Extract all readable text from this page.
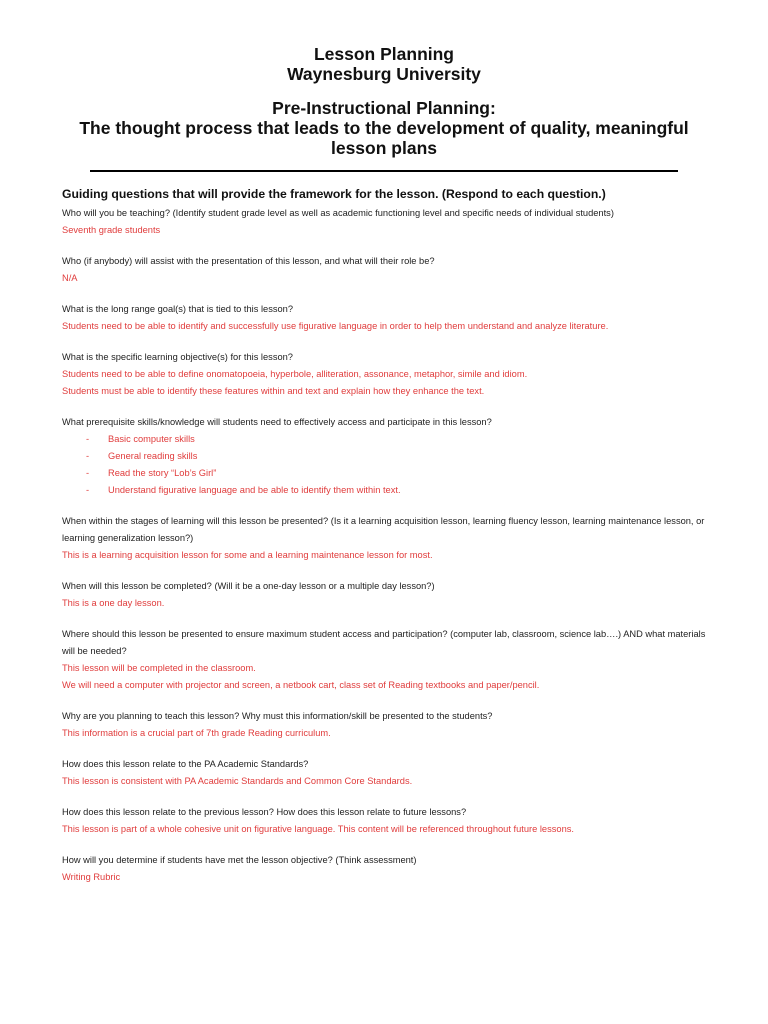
Lesson Planning
Waynesburg University
Pre-Instructional Planning:
The thought process that leads to the development of quality, meaningful
lesson plans
Guiding questions that will provide the framework for the lesson. (Respond to each question.)
Who will you be teaching? (Identify student grade level as well as academic functioning level and specific needs of individual students)
Seventh grade students
Who (if anybody) will assist with the presentation of this lesson, and what will their role be?
N/A
What is the long range goal(s) that is tied to this lesson?
Students need to be able to identify and successfully use figurative language in order to help them understand and analyze literature.
What is the specific learning objective(s) for this lesson?
Students need to be able to define onomatopoeia, hyperbole, alliteration, assonance, metaphor, simile and idiom.
Students must be able to identify these features within and text and explain how they enhance the text.
What prerequisite skills/knowledge will students need to effectively access and participate in this lesson?
- Basic computer skills
- General reading skills
- Read the story “Lob’s Girl”
- Understand figurative language and be able to identify them within text.
When within the stages of learning will this lesson be presented? (Is it a learning acquisition lesson, learning fluency lesson, learning maintenance lesson, or learning generalization lesson?)
This is a learning acquisition lesson for some and a learning maintenance lesson for most.
When will this lesson be completed? (Will it be a one-day lesson or a multiple day lesson?)
This is a one day lesson.
Where should this lesson be presented to ensure maximum student access and participation? (computer lab, classroom, science lab….) AND what materials will be needed?
This lesson will be completed in the classroom.
We will need a computer with projector and screen, a netbook cart, class set of Reading textbooks and paper/pencil.
Why are you planning to teach this lesson? Why must this information/skill be presented to the students?
This information is a crucial part of 7th grade Reading curriculum.
How does this lesson relate to the PA Academic Standards?
This lesson is consistent with PA Academic Standards and Common Core Standards.
How does this lesson relate to the previous lesson? How does this lesson relate to future lessons?
This lesson is part of a whole cohesive unit on figurative language. This content will be referenced throughout future lessons.
How will you determine if students have met the lesson objective? (Think assessment)
Writing Rubric
